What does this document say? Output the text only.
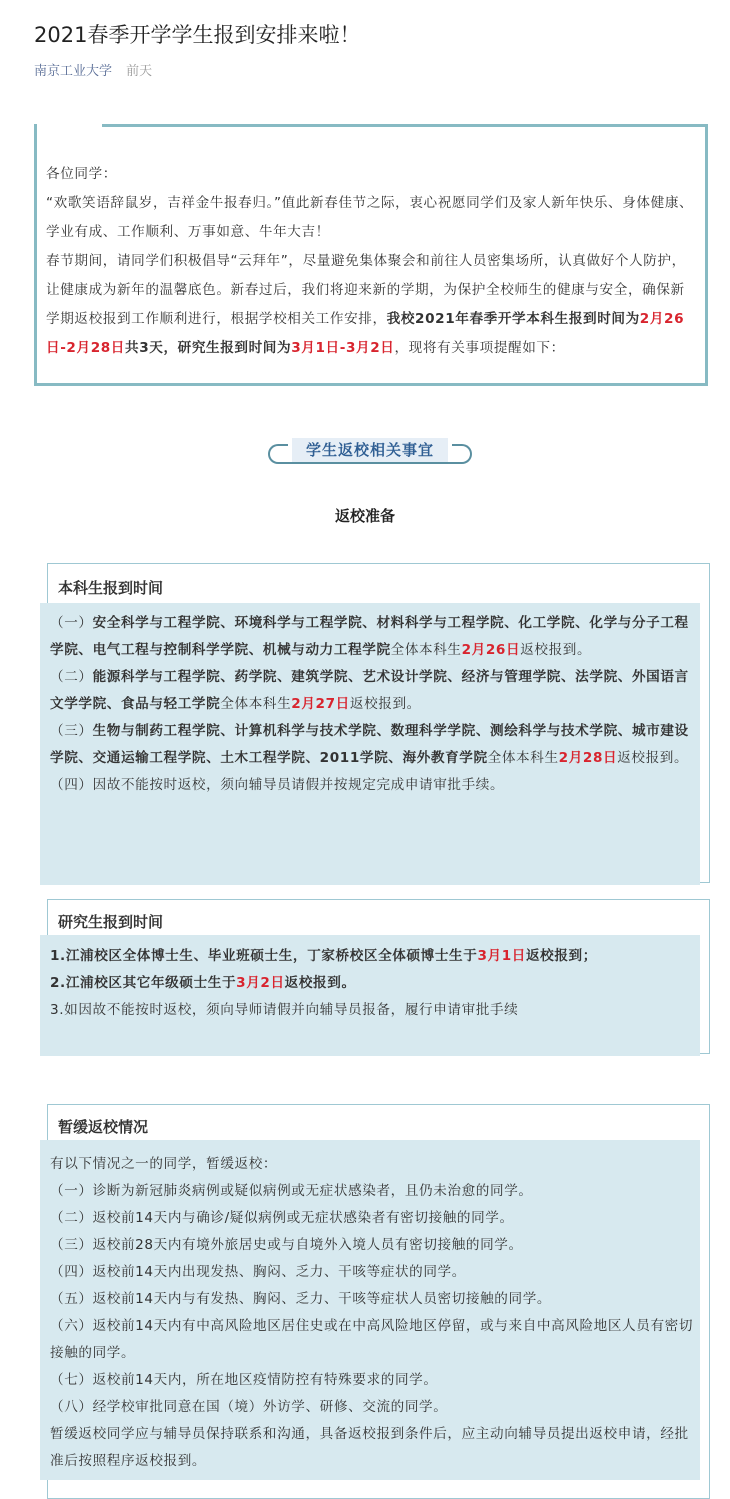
2021春季开学学生报到安排来啦！
南京工业大学 前天
各位同学：
“欢歌笑语辞鼠岁，吉祥金牛报春归。”值此新春佳节之际，衷心祝愿同学们及家人新年快乐、身体健康、学业有成、工作顺利、万事如意、牛年大吉！
春节期间，请同学们积极倡导“云拜年”，尽量避免集体聚会和前往人员密集场所，认真做好个人防护，让健康成为新年的温馨底色。新春过后，我们将迎来新的学期，为保护全校师生的健康与安全，确保新学期返校报到工作顺利进行，根据学校相关工作安排，我校2021年春季开学本科生报到时间为2月26日-2月28日共3天，研究生报到时间为3月1日-3月2日，现将有关事项提醒如下：
学生返校相关事宜
返校准备
本科生报到时间

（一）安全科学与工程学院、环境科学与工程学院、材料科学与工程学院、化工学院、化学与分子工程学院、电气工程与控制科学学院、机械与动力工程学院全体本科生2月26日返校报到。

（二）能源科学与工程学院、药学院、建筑学院、艺术设计学院、经济与管理学院、法学院、外国语言文学学院、食品与轻工学院全体本科生2月27日返校报到。

（三）生物与制药工程学院、计算机科学与技术学院、数理科学学院、测绘科学与技术学院、城市建设学院、交通运输工程学院、土木工程学院、2011学院、海外教育学院全体本科生2月28日返校报到。

（四）因故不能按时返校，须向辅导员请假并按规定完成申请审批手续。

研究生报到时间

1.江浦校区全体博士生、毕业班硕士生，丁家桥校区全体硕博士生于3月1日返校报到；

2.江浦校区其它年级硕士生于3月2日返校报到。

3.如因故不能按时返校，须向导师请假并向辅导员报备，履行申请审批手续

暂缓返校情况

有以下情况之一的同学，暂缓返校：

（一）诊断为新冠肺炎病例或疑似病例或无症状感染者，且仍未治愈的同学。

（二）返校前14天内与确诊/疑似病例或无症状感染者有密切接触的同学。

（三）返校前28天内有境外旅居史或与自境外入境人员有密切接触的同学。

（四）返校前14天内出现发热、胸闷、乏力、干咳等症状的同学。

（五）返校前14天内与有发热、胸闷、乏力、干咳等症状人员密切接触的同学。

（六）返校前14天内有中高风险地区居住史或在中高风险地区停留，或与来自中高风险地区人员有密切接触的同学。

（七）返校前14天内，所在地区疫情防控有特殊要求的同学。

（八）经学校审批同意在国（境）外访学、研修、交流的同学。

暂缓返校同学应与辅导员保持联系和沟通，具备返校报到条件后，应主动向辅导员提出返校申请，经批准后按照程序返校报到。
